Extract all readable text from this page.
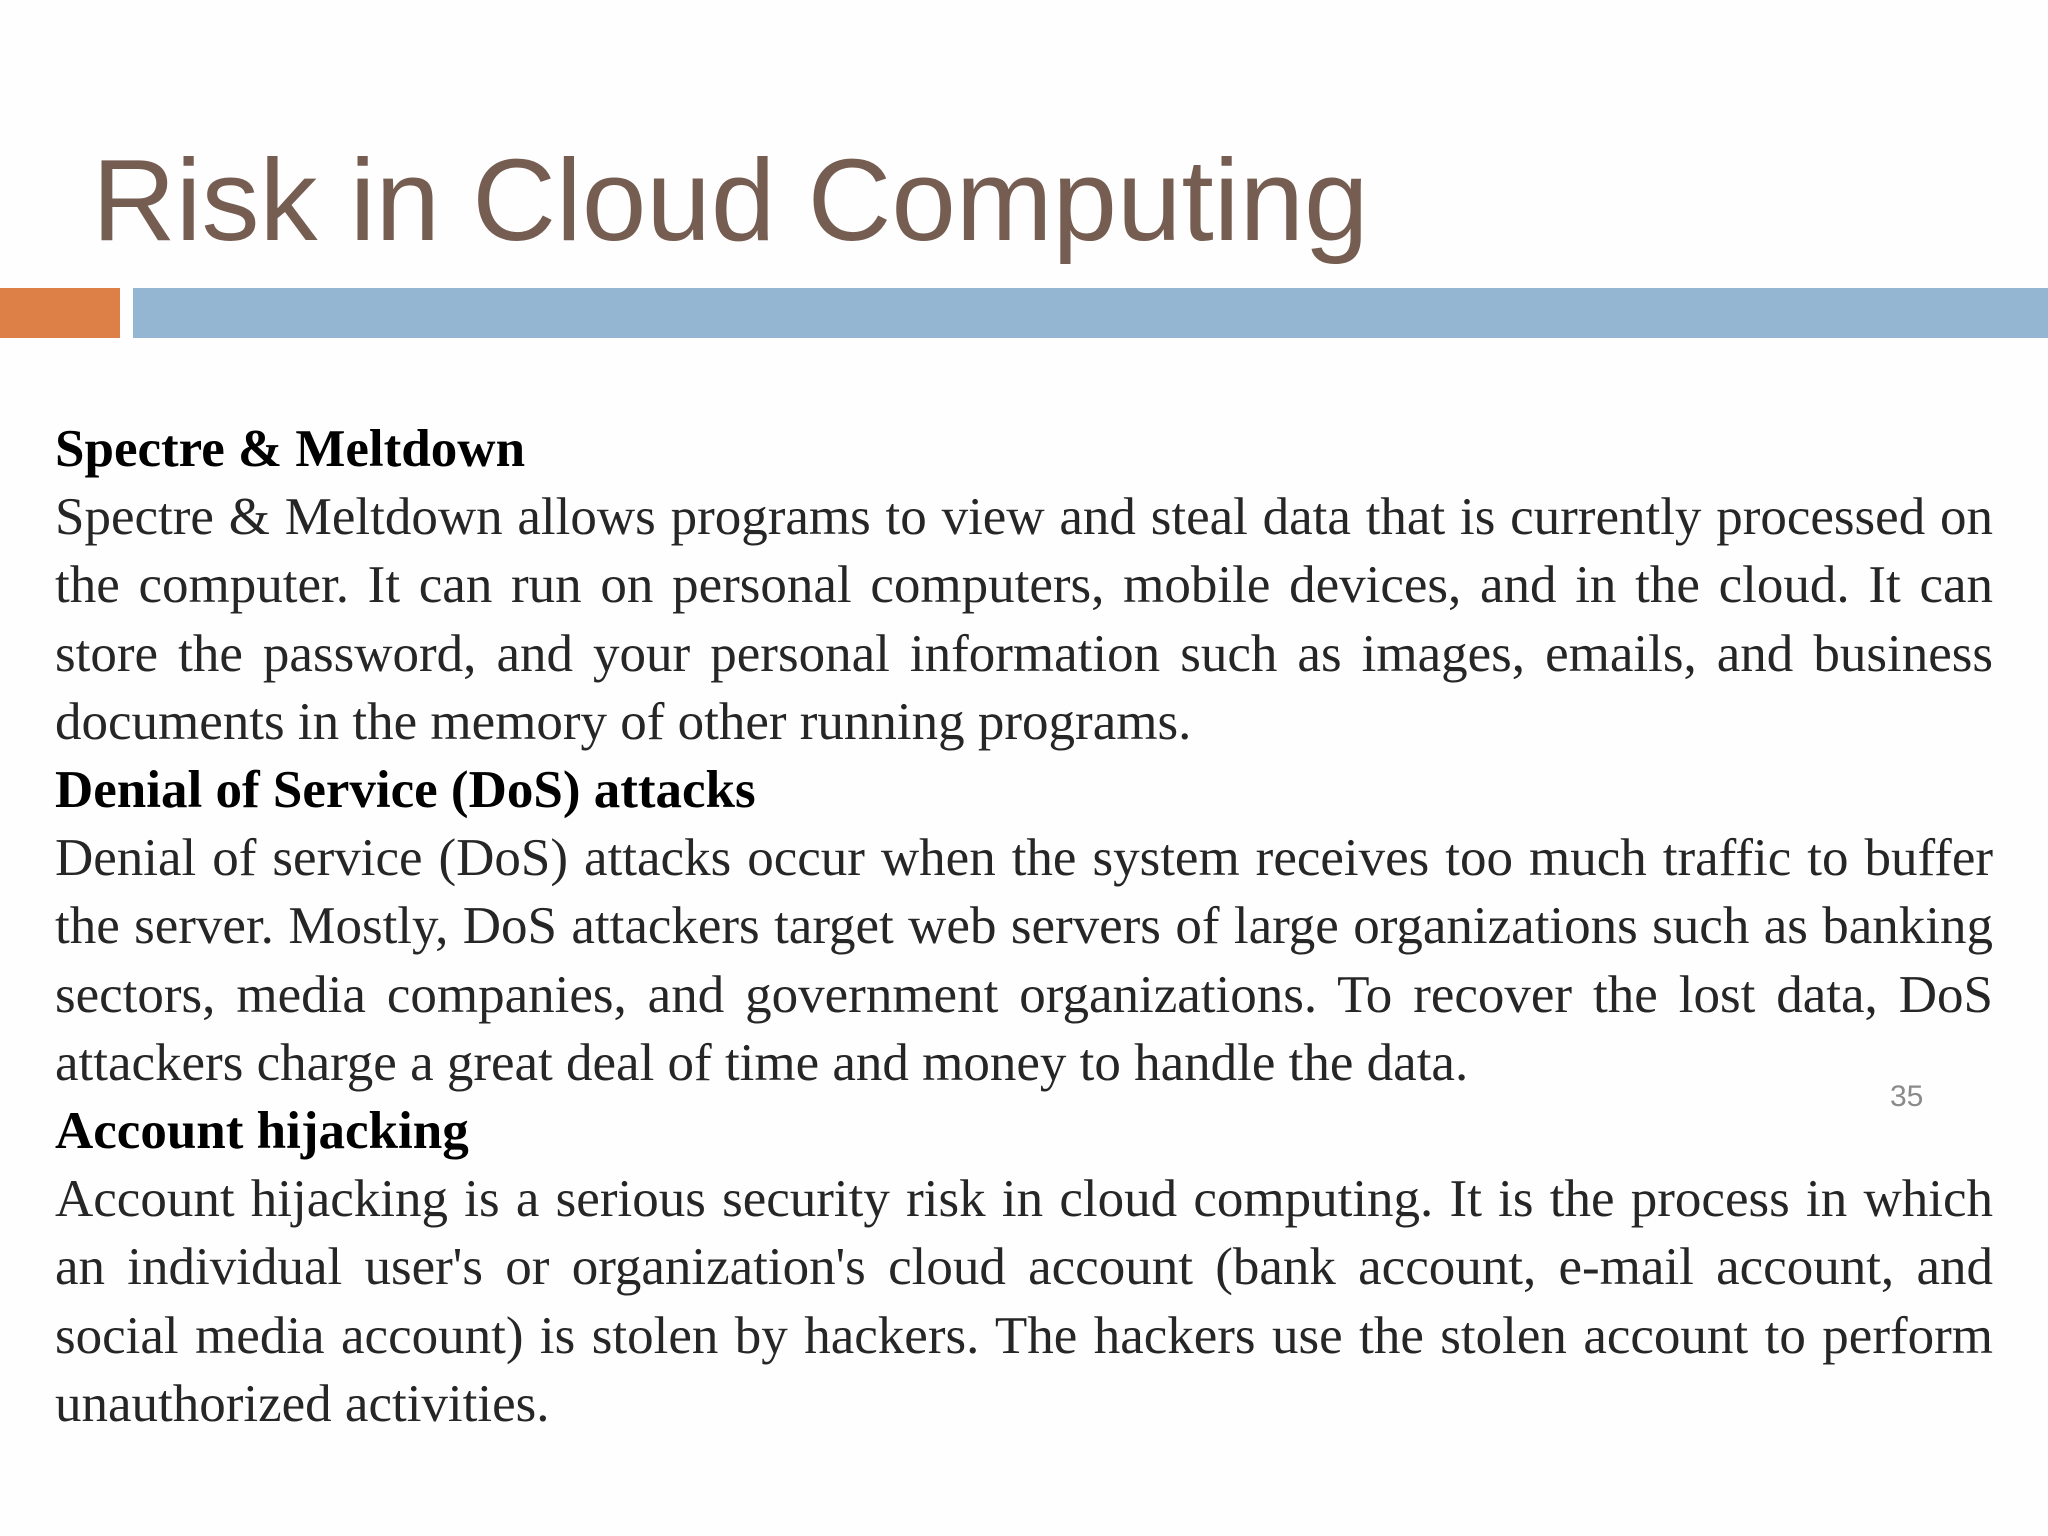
Risk in Cloud Computing

Spectre & Meltdown

Spectre & Meltdown allows programs to view and steal data that is currently processed on the computer. It can run on personal computers, mobile devices, and in the cloud. It can store the password, and your personal information such as images, emails, and business documents in the memory of other running programs.

Denial of Service (DoS) attacks

Denial of service (DoS) attacks occur when the system receives too much traffic to buffer the server. Mostly, DoS attackers target web servers of large organizations such as banking sectors, media companies, and government organizations. To recover the lost data, DoS attackers charge a great deal of time and money to handle the data.

Account hijacking

Account hijacking is a serious security risk in cloud computing. It is the process in which an individual user's or organization's cloud account (bank account, e-mail account, and social media account) is stolen by hackers. The hackers use the stolen account to perform unauthorized activities.

35
